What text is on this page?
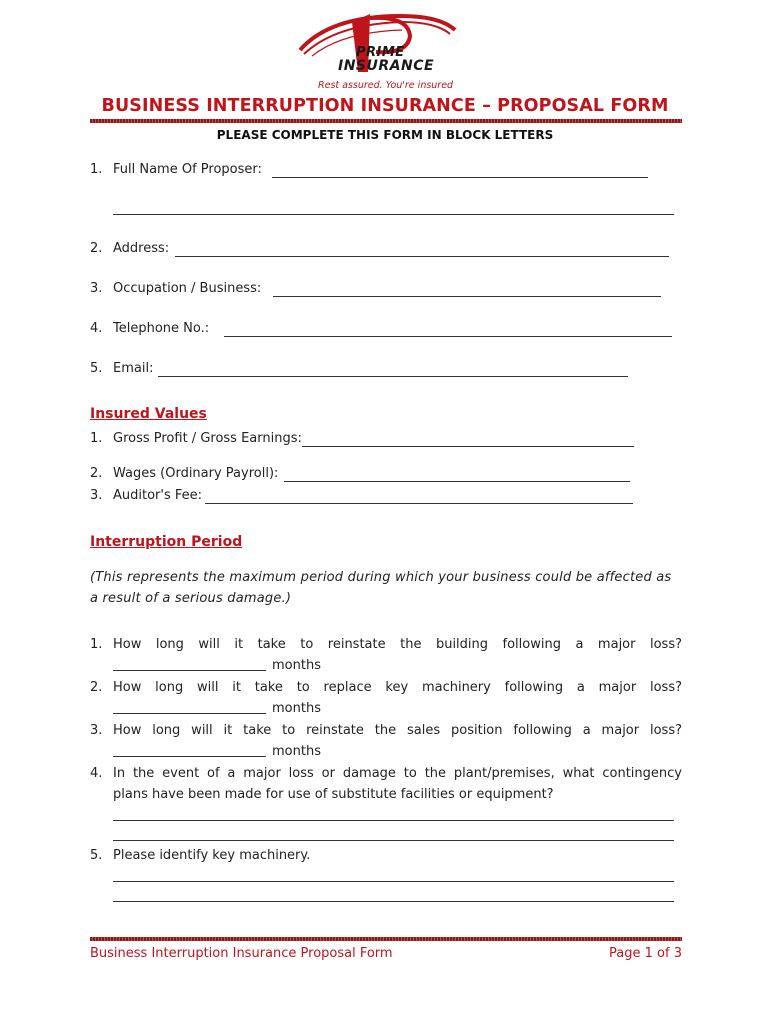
PRIME
INSURANCE
Rest assured. You're insured
BUSINESS INTERRUPTION INSURANCE – PROPOSAL FORM
PLEASE COMPLETE THIS FORM IN BLOCK LETTERS
1. Full Name Of Proposer:
2. Address:
3. Occupation / Business:
4. Telephone No.:
5. Email:
Insured Values
1. Gross Profit / Gross Earnings:
2. Wages (Ordinary Payroll):
3. Auditor's Fee:
Interruption Period
(This represents the maximum period during which your business could be affected as a result of a serious damage.)
1. How long will it take to reinstate the building following a major loss?
months
2. How long will it take to replace key machinery following a major loss?
months
3. How long will it take to reinstate the sales position following a major loss?
months
4. In the event of a major loss or damage to the plant/premises, what contingency
plans have been made for use of substitute facilities or equipment?
5. Please identify key machinery.
Business Interruption Insurance Proposal Form	Page 1 of 3
